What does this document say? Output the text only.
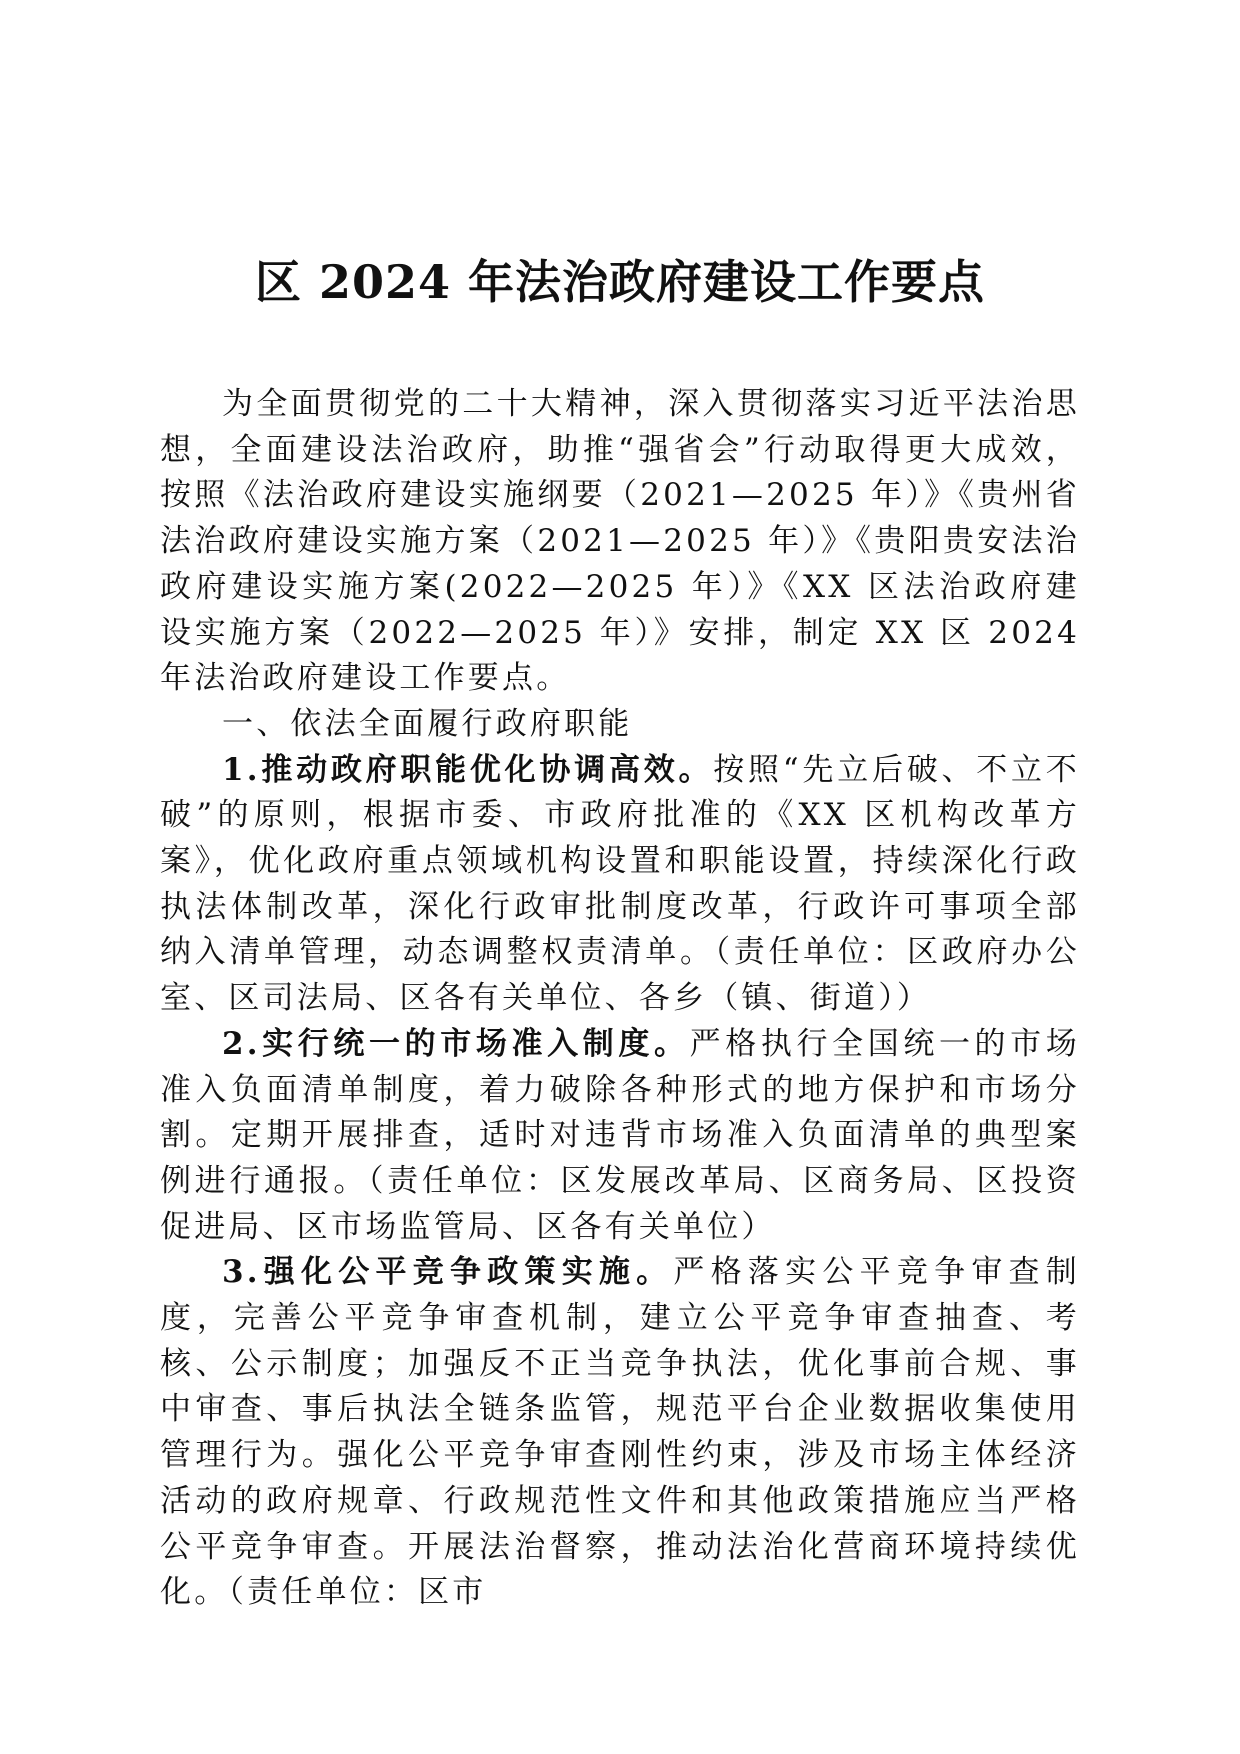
区 2024 年法治政府建设工作要点

为全面贯彻党的二十大精神，深入贯彻落实习近平法治思想，全面建设法治政府，助推“强省会”行动取得更大成效，按照《法治政府建设实施纲要（2021—2025 年）》《贵州省法治政府建设实施方案（2021—2025 年）》《贵阳贵安法治政府建设实施方案(2022—2025 年）》《XX 区法治政府建设实施方案（2022—2025 年）》安排，制定 XX 区 2024 年法治政府建设工作要点。

一、依法全面履行政府职能

1.推动政府职能优化协调高效。按照“先立后破、不立不破”的原则，根据市委、市政府批准的《XX 区机构改革方案》，优化政府重点领域机构设置和职能设置，持续深化行政执法体制改革，深化行政审批制度改革，行政许可事项全部纳入清单管理，动态调整权责清单。（责任单位：区政府办公室、区司法局、区各有关单位、各乡（镇、街道））

2.实行统一的市场准入制度。严格执行全国统一的市场准入负面清单制度，着力破除各种形式的地方保护和市场分割。定期开展排查，适时对违背市场准入负面清单的典型案例进行通报。（责任单位：区发展改革局、区商务局、区投资促进局、区市场监管局、区各有关单位）

3.强化公平竞争政策实施。严格落实公平竞争审查制度，完善公平竞争审查机制，建立公平竞争审查抽查、考核、公示制度；加强反不正当竞争执法，优化事前合规、事中审查、事后执法全链条监管，规范平台企业数据收集使用管理行为。强化公平竞争审查刚性约束，涉及市场主体经济活动的政府规章、行政规范性文件和其他政策措施应当严格公平竞争审查。开展法治督察，推动法治化营商环境持续优化。（责任单位：区市
